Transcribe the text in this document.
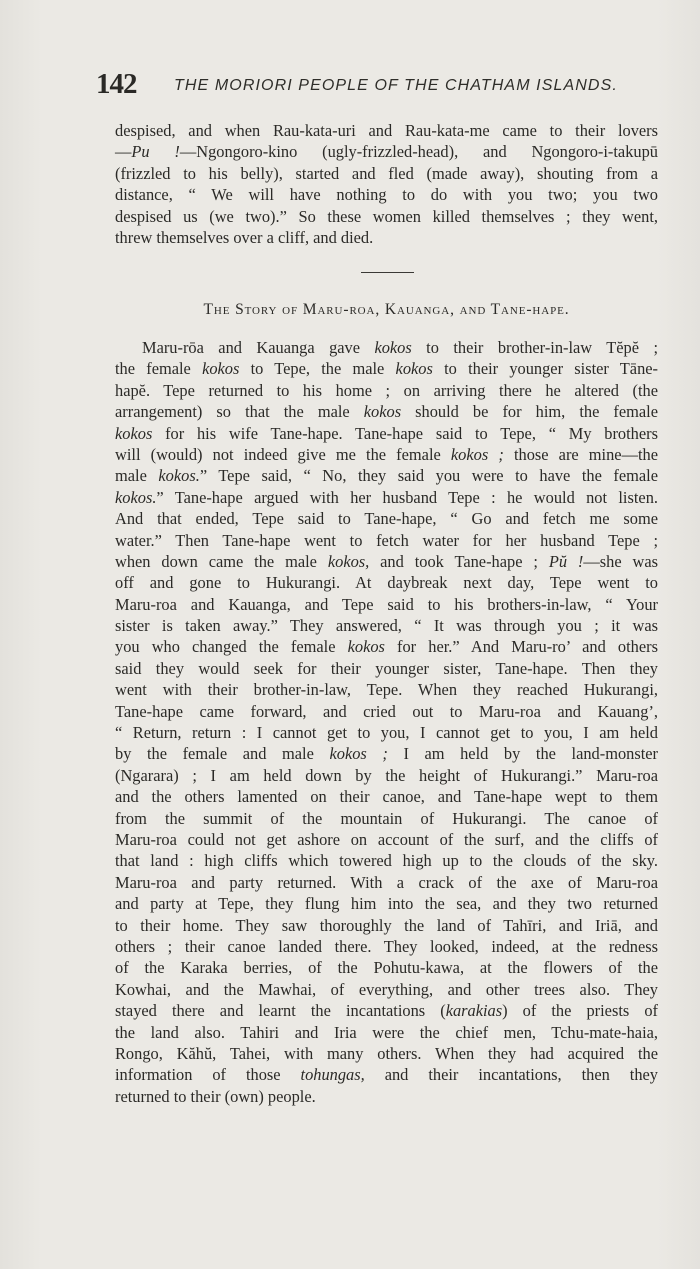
142 THE MORIORI PEOPLE OF THE CHATHAM ISLANDS.
despised, and when Rau-kata-uri and Rau-kata-me came to their lovers
—Pu !—Ngongoro-kino (ugly-frizzled-head), and Ngongoro-i-takupū
(frizzled to his belly), started and fled (made away), shouting from a
distance, “ We will have nothing to do with you two; you two
despised us (we two).” So these women killed themselves ; they went,
threw themselves over a cliff, and died.
The Story of Maru-roa, Kauanga, and Tane-hape.
Maru-rōa and Kauanga gave kokos to their brother-in-law Tĕpĕ ;
the female kokos to Tepe, the male kokos to their younger sister Tāne-
hapĕ. Tepe returned to his home ; on arriving there he altered (the
arrangement) so that the male kokos should be for him, the female
kokos for his wife Tane-hape. Tane-hape said to Tepe, “ My brothers
will (would) not indeed give me the female kokos ; those are mine—the
male kokos.” Tepe said, “ No, they said you were to have the female
kokos.” Tane-hape argued with her husband Tepe : he would not listen.
And that ended, Tepe said to Tane-hape, “ Go and fetch me some
water.” Then Tane-hape went to fetch water for her husband Tepe ;
when down came the male kokos, and took Tane-hape ; Pŭ !—she was
off and gone to Hukurangi. At daybreak next day, Tepe went to
Maru-roa and Kauanga, and Tepe said to his brothers-in-law, “ Your
sister is taken away.” They answered, “ It was through you ; it was
you who changed the female kokos for her.” And Maru-ro’ and others
said they would seek for their younger sister, Tane-hape. Then they
went with their brother-in-law, Tepe. When they reached Hukurangi,
Tane-hape came forward, and cried out to Maru-roa and Kauang’,
“ Return, return : I cannot get to you, I cannot get to you, I am held
by the female and male kokos ; I am held by the land-monster
(Ngarara) ; I am held down by the height of Hukurangi.” Maru-roa
and the others lamented on their canoe, and Tane-hape wept to them
from the summit of the mountain of Hukurangi. The canoe of
Maru-roa could not get ashore on account of the surf, and the cliffs of
that land : high cliffs which towered high up to the clouds of the sky.
Maru-roa and party returned. With a crack of the axe of Maru-roa
and party at Tepe, they flung him into the sea, and they two returned
to their home. They saw thoroughly the land of Tahīri, and Iriā, and
others ; their canoe landed there. They looked, indeed, at the redness
of the Karaka berries, of the Pohutu-kawa, at the flowers of the
Kowhai, and the Mawhai, of everything, and other trees also. They
stayed there and learnt the incantations (karakias) of the priests of
the land also. Tahiri and Iria were the chief men, Tchu-mate-haia,
Rongo, Kăhŭ, Tahei, with many others. When they had acquired the
information of those tohungas, and their incantations, then they
returned to their (own) people.
